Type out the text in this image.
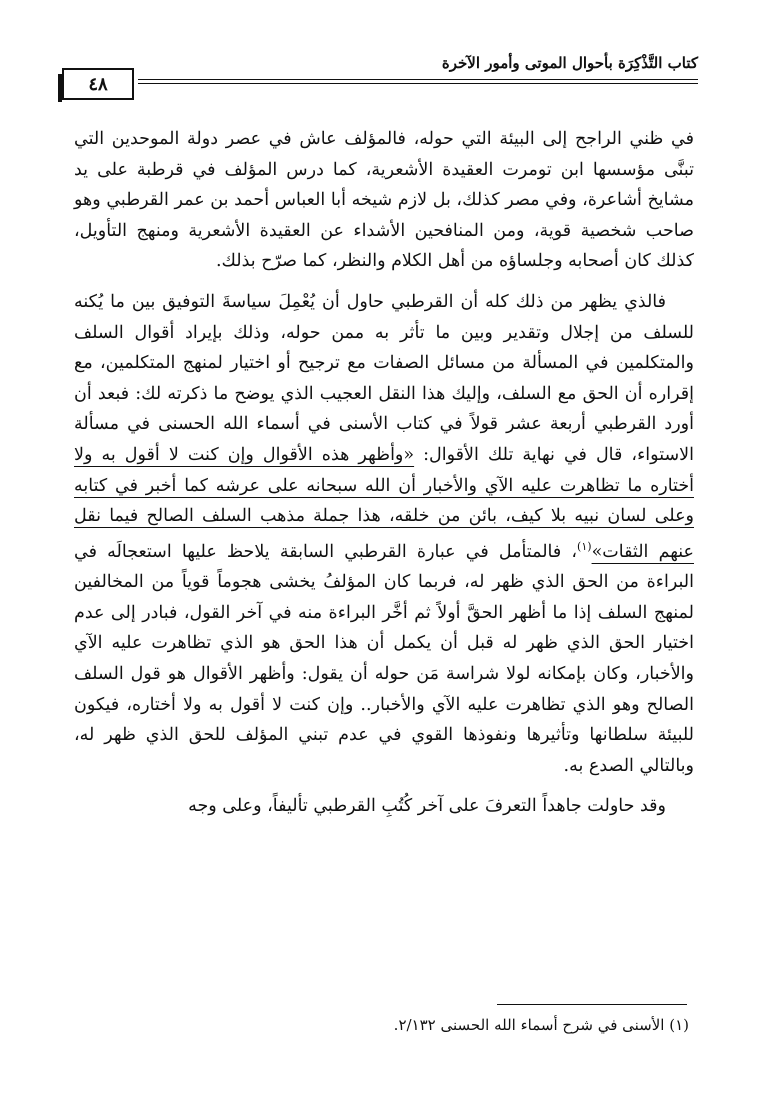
كتاب التَّذْكِرَة بأحوال الموتى وأمور الآخرة
٤٨

في ظني الراجح إلى البيئة التي حوله، فالمؤلف عاش في عصر دولة الموحدين التي تبنَّى مؤسسها ابن تومرت العقيدة الأشعرية، كما درس المؤلف في قرطبة على يد مشايخ أشاعرة، وفي مصر كذلك، بل لازم شيخه أبا العباس أحمد بن عمر القرطبي وهو صاحب شخصية قوية، ومن المنافحين الأشداء عن العقيدة الأشعرية ومنهج التأويل، كذلك كان أصحابه وجلساؤه من أهل الكلام والنظر، كما صرّح بذلك.

فالذي يظهر من ذلك كله أن القرطبي حاول أن يُعْمِلَ سياسةَ التوفيق بين ما يُكنه للسلف من إجلال وتقدير وبين ما تأثر به ممن حوله، وذلك بإيراد أقوال السلف والمتكلمين في المسألة من مسائل الصفات مع ترجيح أو اختيار لمنهج المتكلمين، مع إقراره أن الحق مع السلف، وإليك هذا النقل العجيب الذي يوضح ما ذكرته لك: فبعد أن أورد القرطبي أربعة عشر قولاً في كتاب الأسنى في أسماء الله الحسنى في مسألة الاستواء، قال في نهاية تلك الأقوال: «وأظهر هذه الأقوال وإن كنت لا أقول به ولا أختاره ما تظاهرت عليه الآي والأخبار أن الله سبحانه على عرشه كما أخبر في كتابه وعلى لسان نبيه بلا كيف، بائن من خلقه، هذا جملة مذهب السلف الصالح فيما نقل عنهم الثقات»$^{(١)}$، فالمتأمل في عبارة القرطبي السابقة يلاحظ عليها استعجالَه في البراءة من الحق الذي ظهر له، فربما كان المؤلفُ يخشى هجوماً قوياً من المخالفين لمنهج السلف إذا ما أظهر الحقَّ أولاً ثم أخَّر البراءة منه في آخر القول، فبادر إلى عدم اختيار الحق الذي ظهر له قبل أن يكمل أن هذا الحق هو الذي تظاهرت عليه الآي والأخبار، وكان بإمكانه لولا شراسة مَن حوله أن يقول: وأظهر الأقوال هو قول السلف الصالح وهو الذي تظاهرت عليه الآي والأخبار.. وإن كنت لا أقول به ولا أختاره، فيكون للبيئة سلطانها وتأثيرها ونفوذها القوي في عدم تبني المؤلف للحق الذي ظهر له، وبالتالي الصدع به.

وقد حاولت جاهداً التعرفَ على آخر كُتُبِ القرطبي تأليفاً، وعلى وجه

(١) الأسنى في شرح أسماء الله الحسنى ٢/١٣٢.
